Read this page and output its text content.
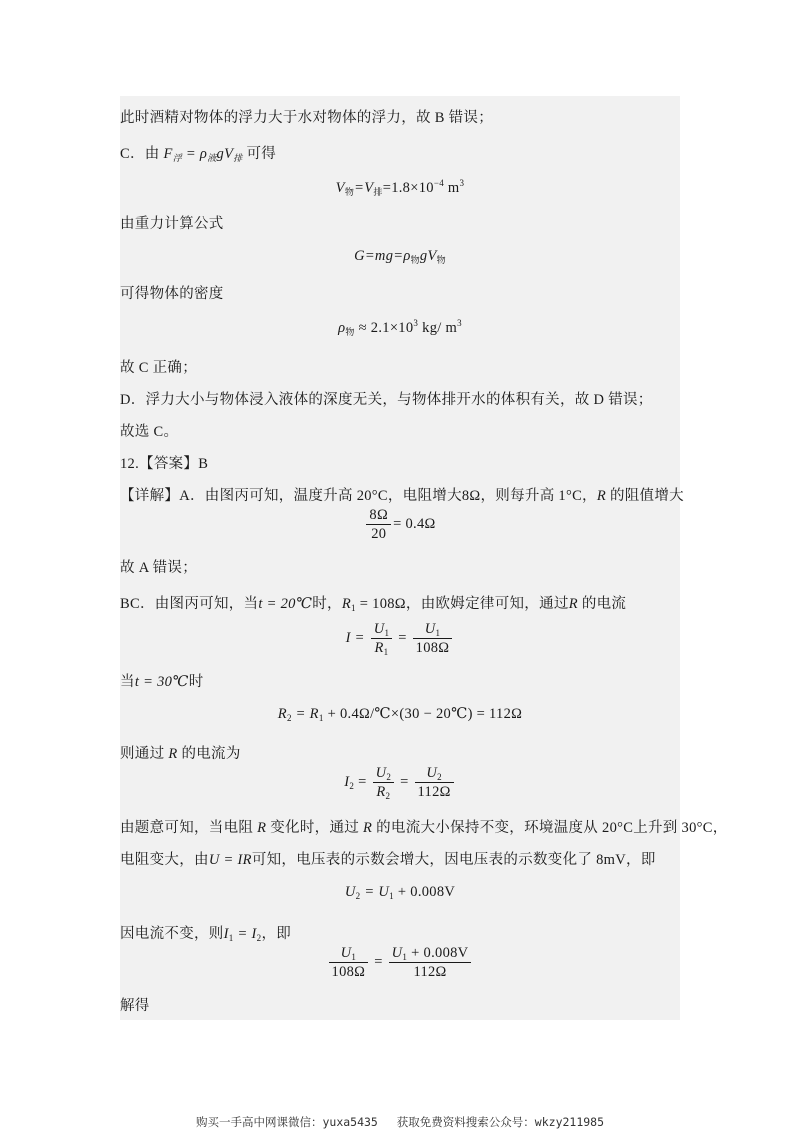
此时酒精对物体的浮力大于水对物体的浮力，故 B 错误；
C．由 $F_浮 = \rho_液gV_排$ 可得
$V_物=V_排=1.8\times 10^{-4}$ $m^3$
由重力计算公式
$G=mg=\rho_物gV_物$
可得物体的密度
$\rho_物 \approx 2.1\times 10^3$ kg/ $m^3$
故 C 正确；
D．浮力大小与物体浸入液体的深度无关，与物体排开水的体积有关，故 D 错误；
故选 C。
12.【答案】B
【详解】A．由图丙可知，温度升高 20°C，电阻增大8Ω，则每升高 1°C，R 的阻值增大
$\frac{8\Omega}{20} = 0.4\Omega$
故 A 错误；
BC．由图丙可知，当t = 20℃时，$R_1 = 108\Omega$，由欧姆定律可知，通过R 的电流
$I = \frac{U_1}{R_1} = \frac{U_1}{108\Omega}$
当t = 30℃时
$R_2 = R_1$ + 0.4Ω/℃×(30 − 20℃) = 112Ω
则通过 R 的电流为
$I_2 = \frac{U_2}{R_2} = \frac{U_2}{112\Omega}$
由题意可知，当电阻 R 变化时，通过 R 的电流大小保持不变，环境温度从 20°C上升到 30°C，
电阻变大，由U = IR可知，电压表的示数会增大，因电压表的示数变化了 8mV，即
$U_2 = U_1 + 0.008V$
因电流不变，则$I_1 = I_2$，即
$\frac{U_1}{108\Omega} = \frac{U_1 + 0.008V}{112\Omega}$
解得
购买一手高中网课微信：yuxa5435 获取免费资料搜索公众号：wkzy211985
